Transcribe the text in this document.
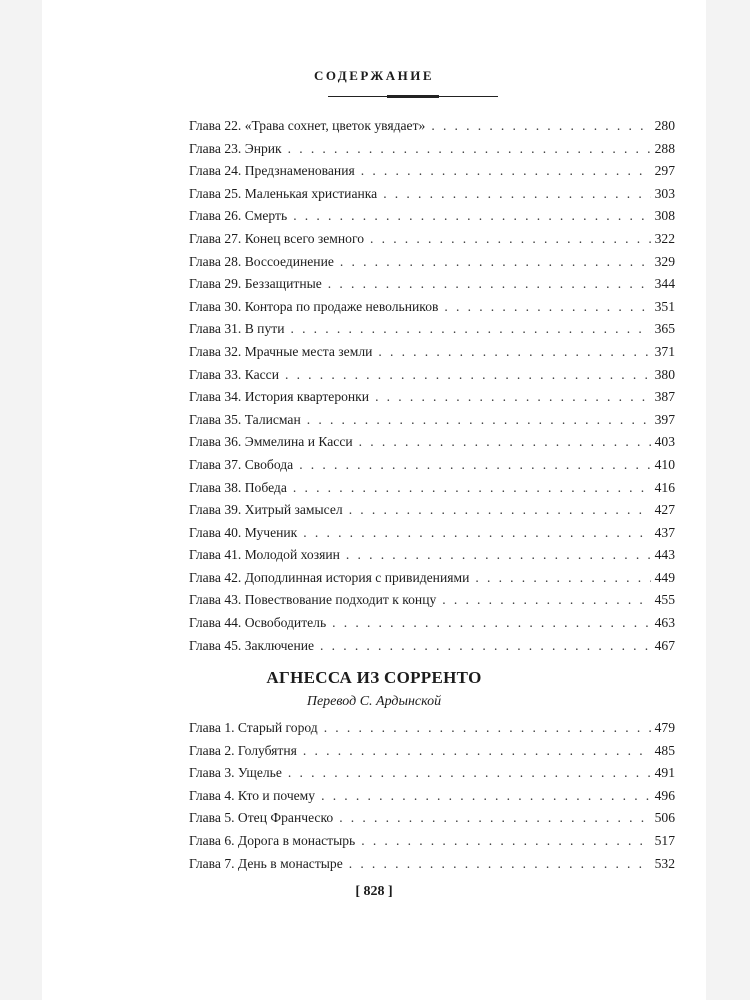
СОДЕРЖАНИЕ
Глава 22. «Трава сохнет, цветок увядает» . . .	280
Глава 23. Энрик . . .	288
Глава 24. Предзнаменования . . .	297
Глава 25. Маленькая христианка . . .	303
Глава 26. Смерть . . .	308
Глава 27. Конец всего земного . . .	322
Глава 28. Воссоединение . . .	329
Глава 29. Беззащитные . . .	344
Глава 30. Контора по продаже невольников . . .	351
Глава 31. В пути . . .	365
Глава 32. Мрачные места земли . . .	371
Глава 33. Касси . . .	380
Глава 34. История квартеронки . . .	387
Глава 35. Талисман . . .	397
Глава 36. Эммелина и Касси . . .	403
Глава 37. Свобода . . .	410
Глава 38. Победа . . .	416
Глава 39. Хитрый замысел . . .	427
Глава 40. Мученик . . .	437
Глава 41. Молодой хозяин . . .	443
Глава 42. Доподлинная история с привидениями . . .	449
Глава 43. Повествование подходит к концу . . .	455
Глава 44. Освободитель . . .	463
Глава 45. Заключение . . .	467
АГНЕССА ИЗ СОРРЕНТО
Перевод С. Ардынской
Глава 1. Старый город . . .	479
Глава 2. Голубятня . . .	485
Глава 3. Ущелье . . .	491
Глава 4. Кто и почему . . .	496
Глава 5. Отец Франческо . . .	506
Глава 6. Дорога в монастырь . . .	517
Глава 7. День в монастыре . . .	532
[ 828 ]
